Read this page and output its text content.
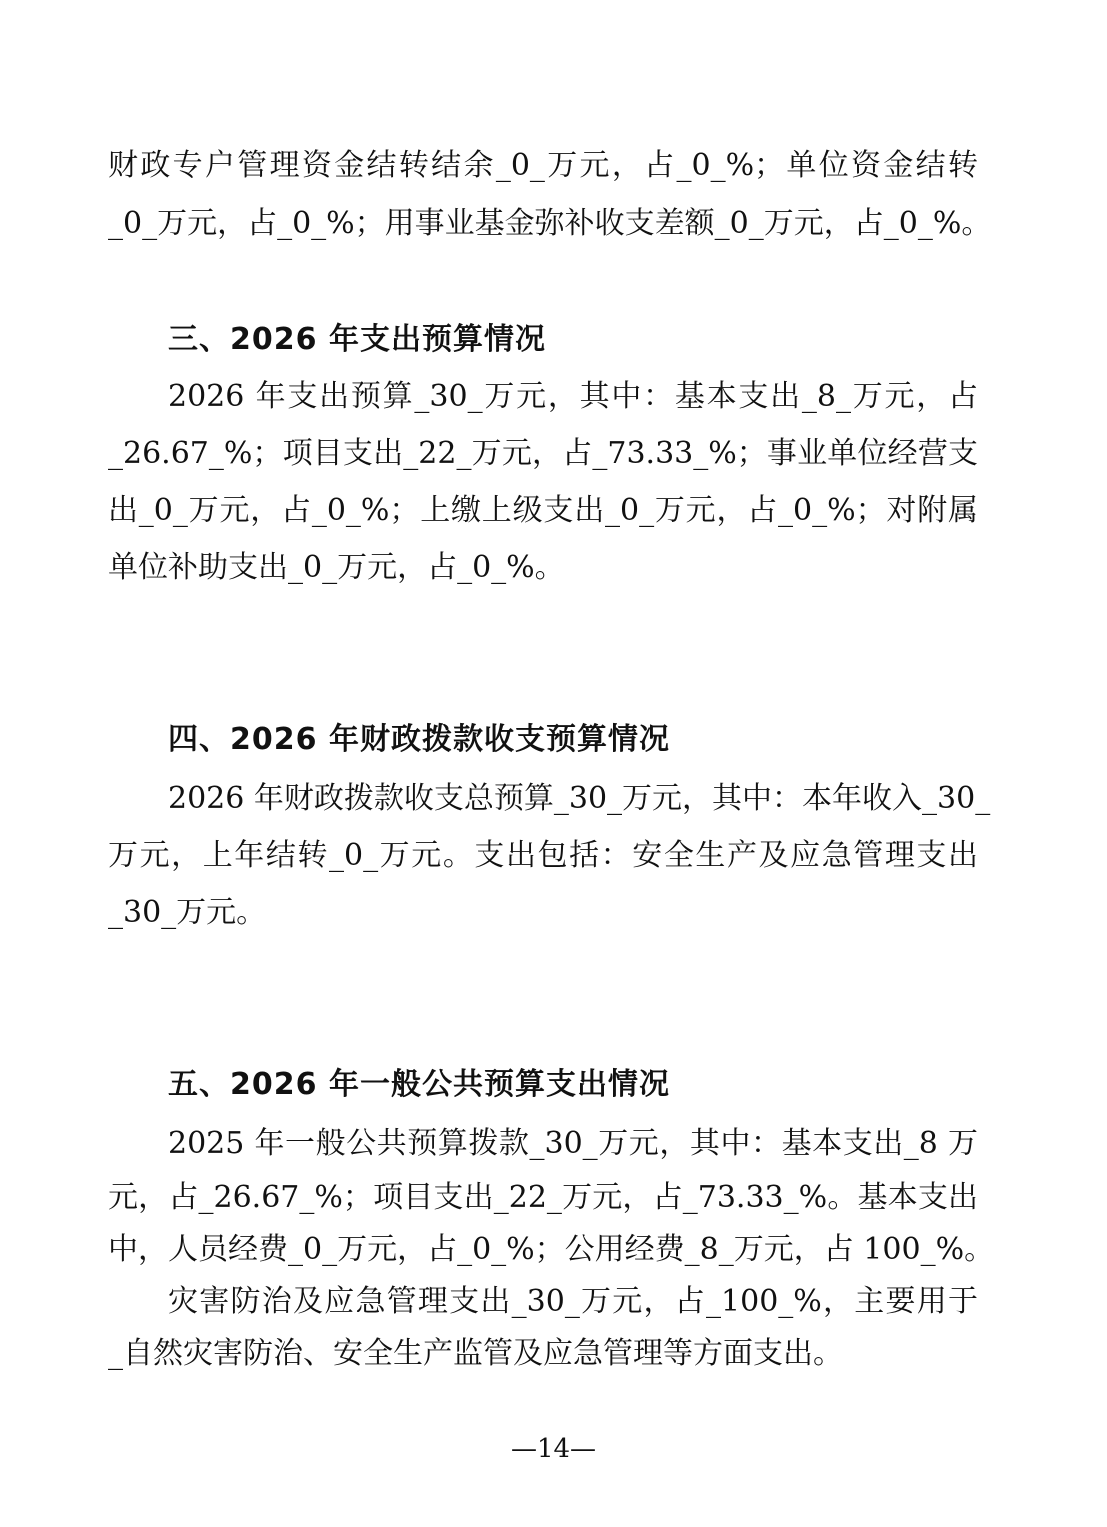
财政专户管理资金结转结余_0_万元，占_0_%；单位资金结转
_0_万元，占_0_%；用事业基金弥补收支差额_0_万元，占_0_%。
三、2026 年支出预算情况
2026 年支出预算_30_万元，其中：基本支出_8_万元，占
_26.67_%；项目支出_22_万元，占_73.33_%；事业单位经营支
出_0_万元，占_0_%；上缴上级支出_0_万元，占_0_%；对附属
单位补助支出_0_万元，占_0_%。
四、2026 年财政拨款收支预算情况
2026 年财政拨款收支总预算_30_万元，其中：本年收入_30_
万元，上年结转_0_万元。支出包括：安全生产及应急管理支出
_30_万元。
五、2026 年一般公共预算支出情况
2025 年一般公共预算拨款_30_万元，其中：基本支出_8 万
元，占_26.67_%；项目支出_22_万元，占_73.33_%。基本支出
中，人员经费_0_万元，占_0_%；公用经费_8_万元，占 100_%。
灾害防治及应急管理支出_30_万元，占_100_%，主要用于
_自然灾害防治、安全生产监管及应急管理等方面支出。
—14—
